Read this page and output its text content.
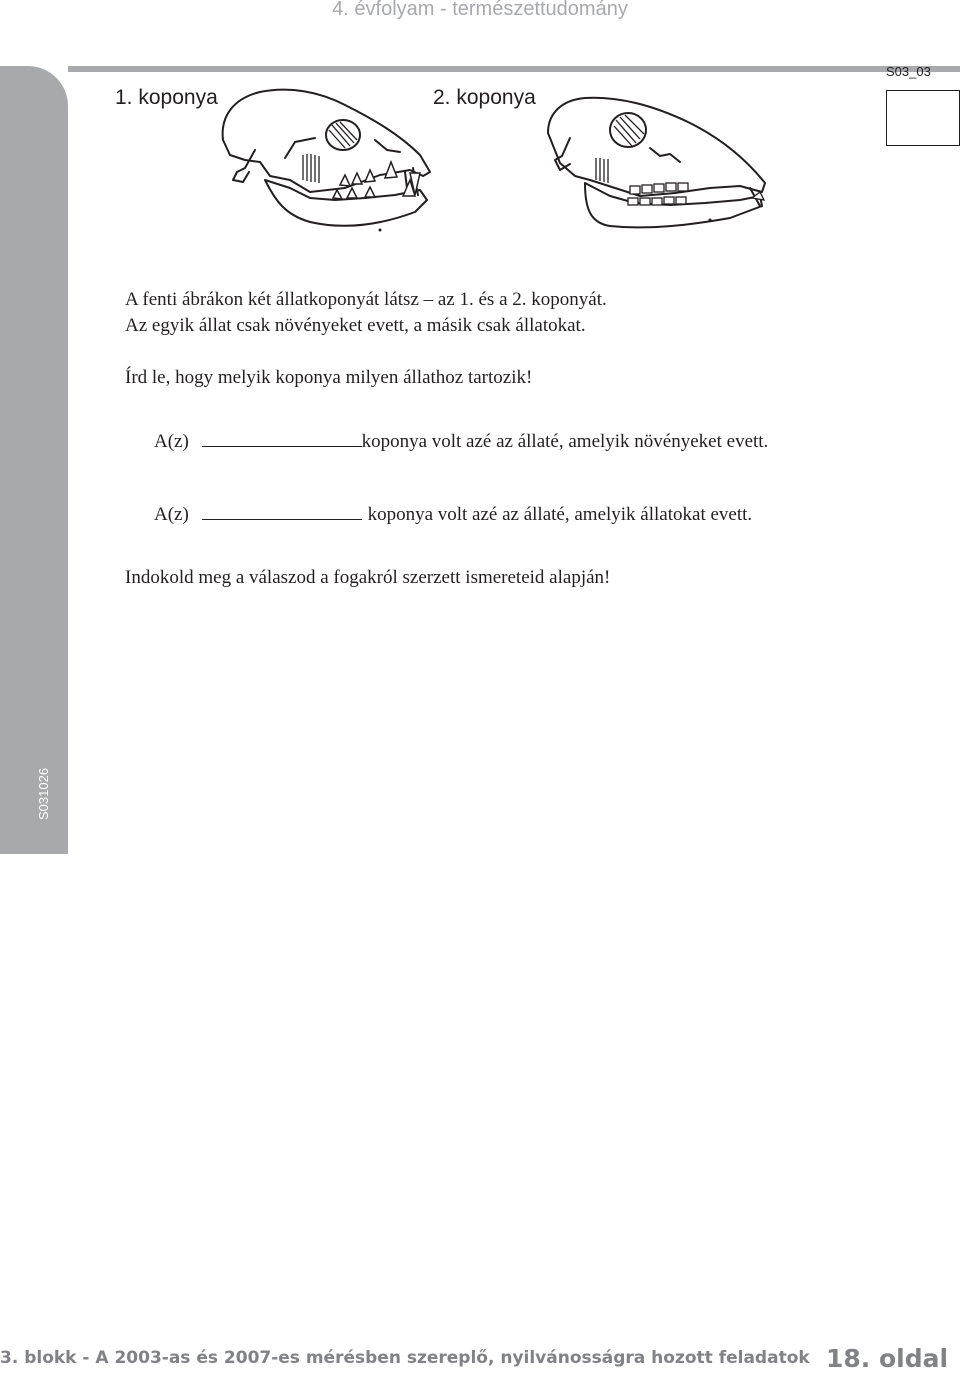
4. évfolyam - természettudomány
S031026
S03_03
1. koponya	2. koponya
A fenti ábrákon két állatkoponyát látsz – az 1. és a 2. koponyát.
Az egyik állat csak növényeket evett, a másik csak állatokat.
Írd le, hogy melyik koponya milyen állathoz tartozik!
A(z)	koponya volt azé az állaté, amelyik növényeket evett.
A(z)	koponya volt azé az állaté, amelyik állatokat evett.
Indokold meg a válaszod a fogakról szerzett ismereteid alapján!
3. blokk - A 2003-as és 2007-es mérésben szereplő, nyilvánosságra hozott feladatok 18. oldal
